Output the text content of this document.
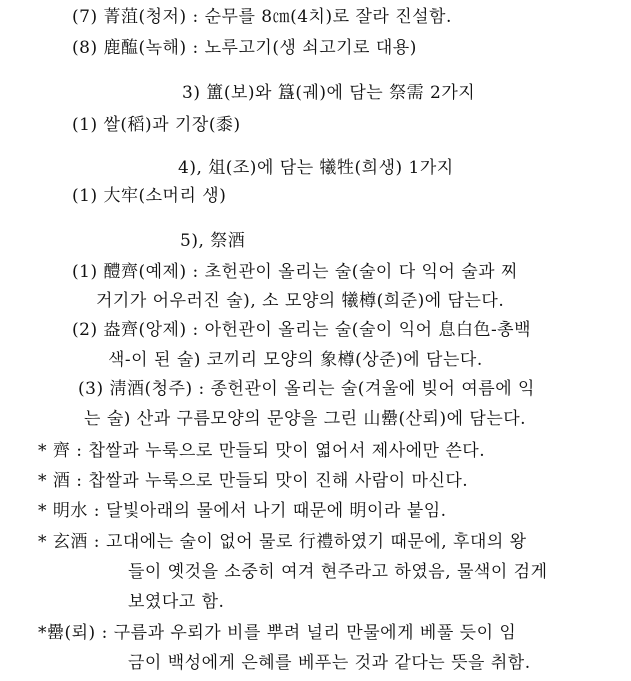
(7) 菁菹(청저) : 순무를 8㎝(4치)로 잘라 진설함.
(8) 鹿醢(녹해) : 노루고기(생 쇠고기로 대용)
3) 簠(보)와 簋(궤)에 담는 祭需 2가지
(1) 쌀(稻)과 기장(黍)
4), 俎(조)에 담는 犧牲(희생) 1가지
(1) 大牢(소머리 생)
5), 祭酒
(1) 醴齊(예제) : 초헌관이 올리는 술(술이 다 익어 술과 찌
거기가 어우러진 술), 소 모양의 犧樽(희준)에 담는다.
(2) 盎齊(앙제) : 아헌관이 올리는 술(술이 익어 息白色-총백
색-이 된 술) 코끼리 모양의 象樽(상준)에 담는다.
(3) 淸酒(청주) : 종헌관이 올리는 술(겨울에 빚어 여름에 익
는 술) 산과 구름모양의 문양을 그린 山罍(산뢰)에 담는다.
* 齊 : 찹쌀과 누룩으로 만들되 맛이 엷어서 제사에만 쓴다.
* 酒 : 찹쌀과 누룩으로 만들되 맛이 진해 사람이 마신다.
* 明水 : 달빛아래의 물에서 나기 때문에 明이라 붙임.
* 玄酒 : 고대에는 술이 없어 물로 行禮하였기 때문에, 후대의 왕
들이 옛것을 소중히 여겨 현주라고 하였음, 물색이 검게
보였다고 함.
*罍(뢰) : 구름과 우뢰가 비를 뿌려 널리 만물에게 베풀 듯이 임
금이 백성에게 은혜를 베푸는 것과 같다는 뜻을 취함.
